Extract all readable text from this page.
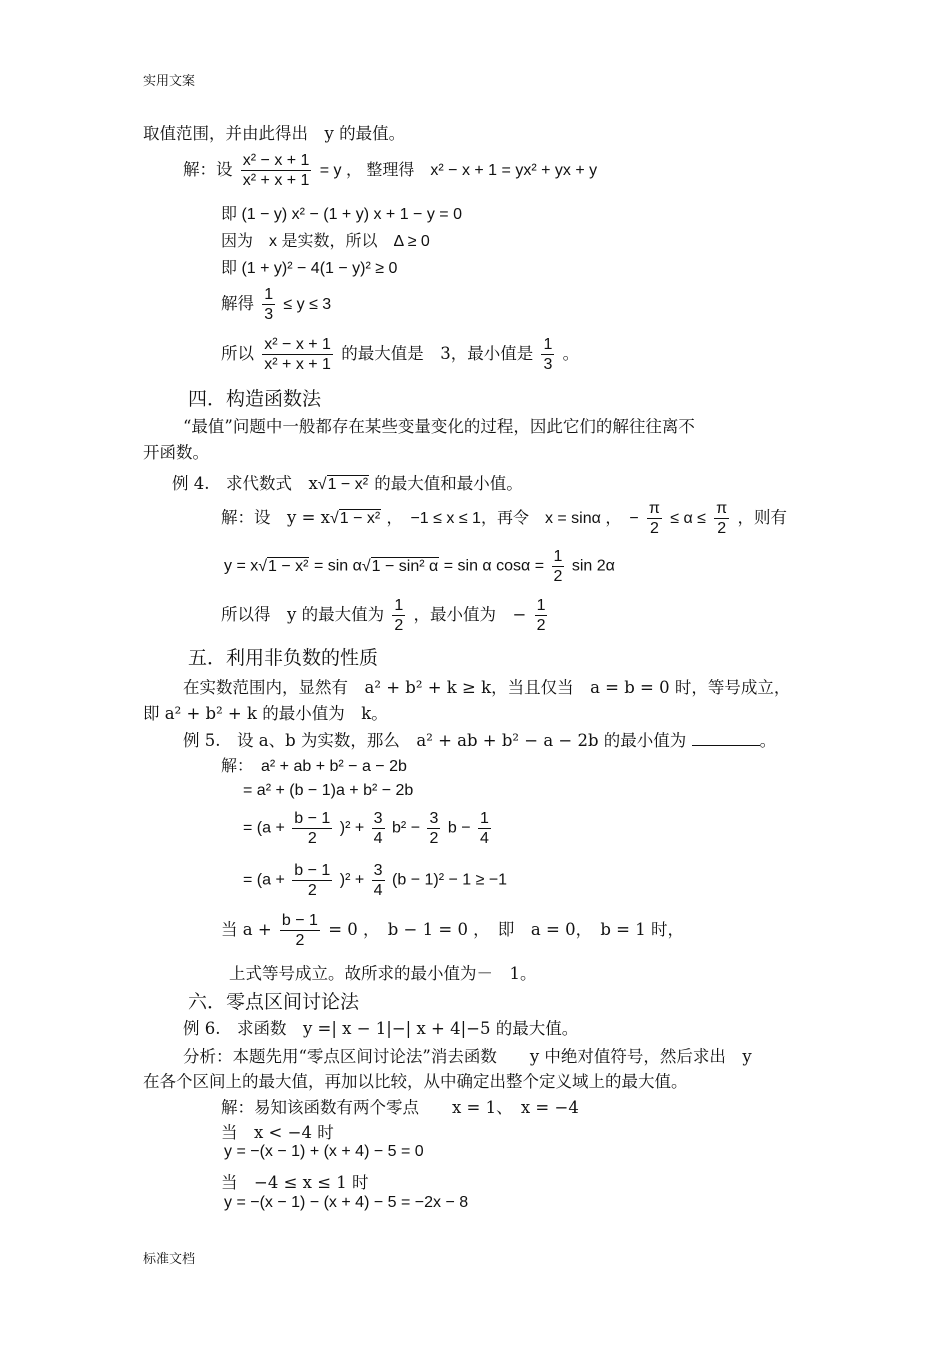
实用文案
取值范围，并由此得出　y 的最值。
解：设 $\frac{\text{x² − x + 1}}{\text{x² + x + 1}} = y$ ， 整理得　x² − x + 1 = yx² + yx + y
即 (1 − y) x² − (1 + y) x + 1 − y = 0
因为　x 是实数，所以　Δ ≥ 0
即 (1 + y)² − 4(1 − y)² ≥ 0
解得 $\frac{1}{3} \le y \le 3$
所以 $\frac{\text{x² − x + 1}}{\text{x² + x + 1}}$ 的最大值是　3，最小值是 $\frac{1}{3}$ 。
四．构造函数法
“最值”问题中一般都存在某些变量变化的过程，因此它们的解往往离不
开函数。
例 4.　求代数式　x√1 − x² 的最大值和最小值。
解：设　y = x√1 − x² ，　−1 ≤ x ≤ 1，再令　x = sinα ，　− $\frac{\pi}{2} \le \alpha \le \frac{\pi}{2}$ ，则有
y = x√1 − x² = sin α√1 − sin² α = sin α $\cos\alpha = \frac{1}{2}$ sin 2α
所以得　y 的最大值为 $\frac{1}{2}$ ，最小值为　− $\frac{1}{2}$
五．利用非负数的性质
在实数范围内，显然有　a² + b² + k ≥ k，当且仅当　a = b = 0 时，等号成立，
即 a² + b² + k 的最小值为　k。
例 5.　设 a、b 为实数，那么　a² + ab + b² − a − 2b 的最小值为	。
解：　a² + ab + b² − a − 2b
= a² + (b − 1)a + b² − 2b
= $(a + \frac{b - 1}{2} )^2 + \frac{3}{4} b^2 - \frac{3}{2}$ $b - \frac{1}{4}$
= $(a + \frac{b - 1}{2} )^2 + \frac{3}{4} (b - 1)^2 - 1 \ge -1$
当 $a + \frac{b - 1}{2} = 0$ ，　b − 1 = 0 ，　即　a = 0，　b = 1 时，
上式等号成立。故所求的最小值为－　1。
六．零点区间讨论法
例 6.　求函数　y =| x − 1|−| x + 4|−5 的最大值。
分析：本题先用“零点区间讨论法”消去函数　　y 中绝对值符号，然后求出　y
在各个区间上的最大值，再加以比较，从中确定出整个定义域上的最大值。
解：易知该函数有两个零点　　x = 1、　x = −4
当　x < −4 时
y = −(x − 1) + (x + 4) − 5 = 0
当　−4 ≤ x ≤ 1 时
y = −(x − 1) − (x + 4) − 5 = −2x − 8
标准文档
